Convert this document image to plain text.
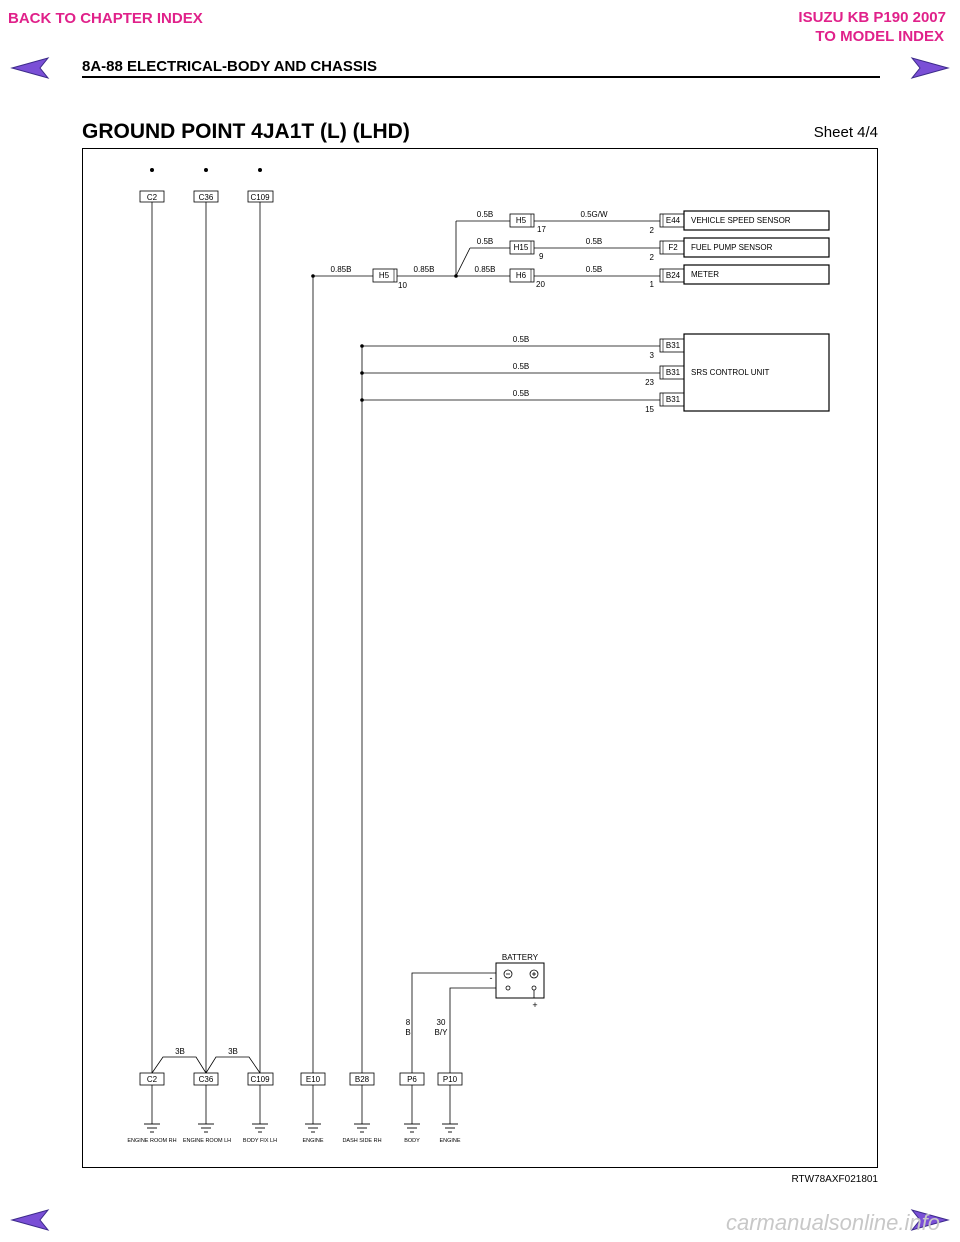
BACK TO CHAPTER INDEX	ISUZU KB P190 2007
TO MODEL INDEX
8A-88 ELECTRICAL-BODY AND CHASSIS
GROUND POINT 4JA1T (L) (LHD)	Sheet 4/4
C2	C36	C109
H5
H5
H15
H6
10
17
9
20
0.85B	0.85B	0.85B
0.5B
0.5B
0.5G/W
0.5B
0.5B
0.5B
0.5B
0.5B
3B	3B
8
B
30
B/Y
E44
F2
B24
B31
B31
B31
2
2
1
3
23
15
VEHICLE SPEED SENSOR
FUEL PUMP SENSOR
METER
SRS CONTROL UNIT
BATTERY
-
+
C2	C36	C109	E10	B28	P6	P10
ENGINE ROOM RH ENGINE ROOM LH BODY FIX LH	ENGINE	DASH SIDE RH	BODY	ENGINE
RTW78AXF021801
carmanualsonline.info
